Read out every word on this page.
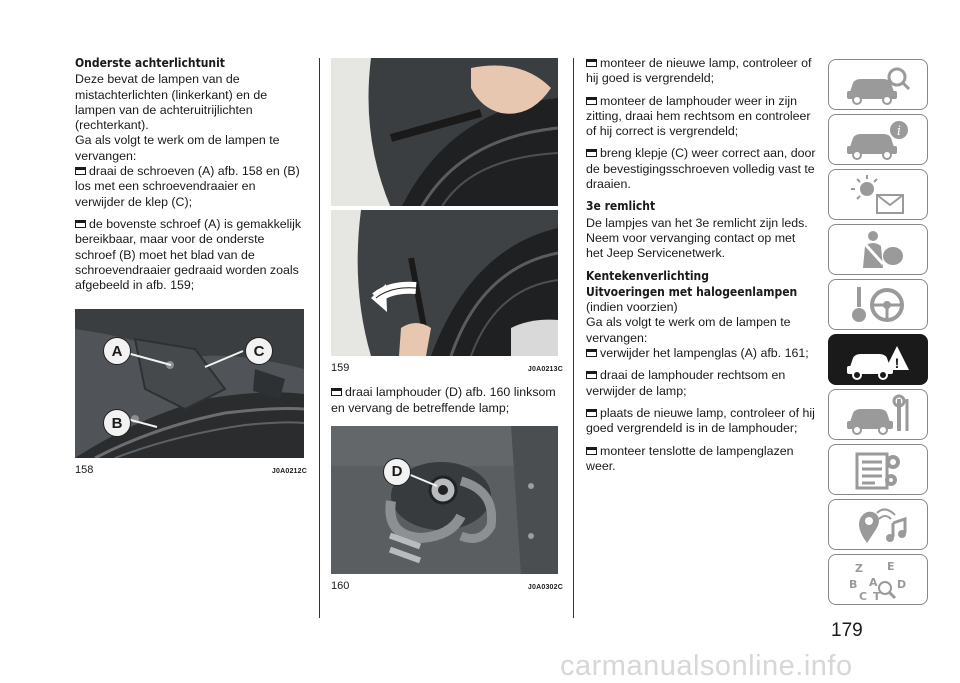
Onderste achterlichtunit

Deze bevat de lampen van de mistachterlichten (linkerkant) en de lampen van de achteruitrijlichten (rechterkant).

Ga als volgt te werk om de lampen te vervangen:

draai de schroeven (A) afb. 158 en (B) los met een schroevendraaier en verwijder de klep (C);

de bovenste schroef (A) is gemakkelijk bereikbaar, maar voor de onderste schroef (B) moet het blad van de schroevendraaier gedraaid worden zoals afgebeeld in afb. 159;

A	C
B
158	J0A0212C
159	J0A0213C

draai lamphouder (D) afb. 160 linksom en vervang de betreffende lamp;

D
160	J0A0302C

monteer de nieuwe lamp, controleer of hij goed is vergrendeld;

monteer de lamphouder weer in zijn zitting, draai hem rechtsom en controleer of hij correct is vergrendeld;

breng klepje (C) weer correct aan, door de bevestigingsschroeven volledig vast te draaien.

3e remlicht

De lampjes van het 3e remlicht zijn leds. Neem voor vervanging contact op met het Jeep Servicenetwerk.

Kentekenverlichting

Uitvoeringen met halogeenlampen (indien voorzien)

Ga als volgt te werk om de lampen te vervangen:

verwijder het lampenglas (A) afb. 161;

draai de lamphouder rechtsom en verwijder de lamp;

plaats de nieuwe lamp, controleer of hij goed vergrendeld is in de lamphouder;

monteer tenslotte de lampenglazen weer.

i
!
Z E
B A D
C T
179
carmanualsonline.info
